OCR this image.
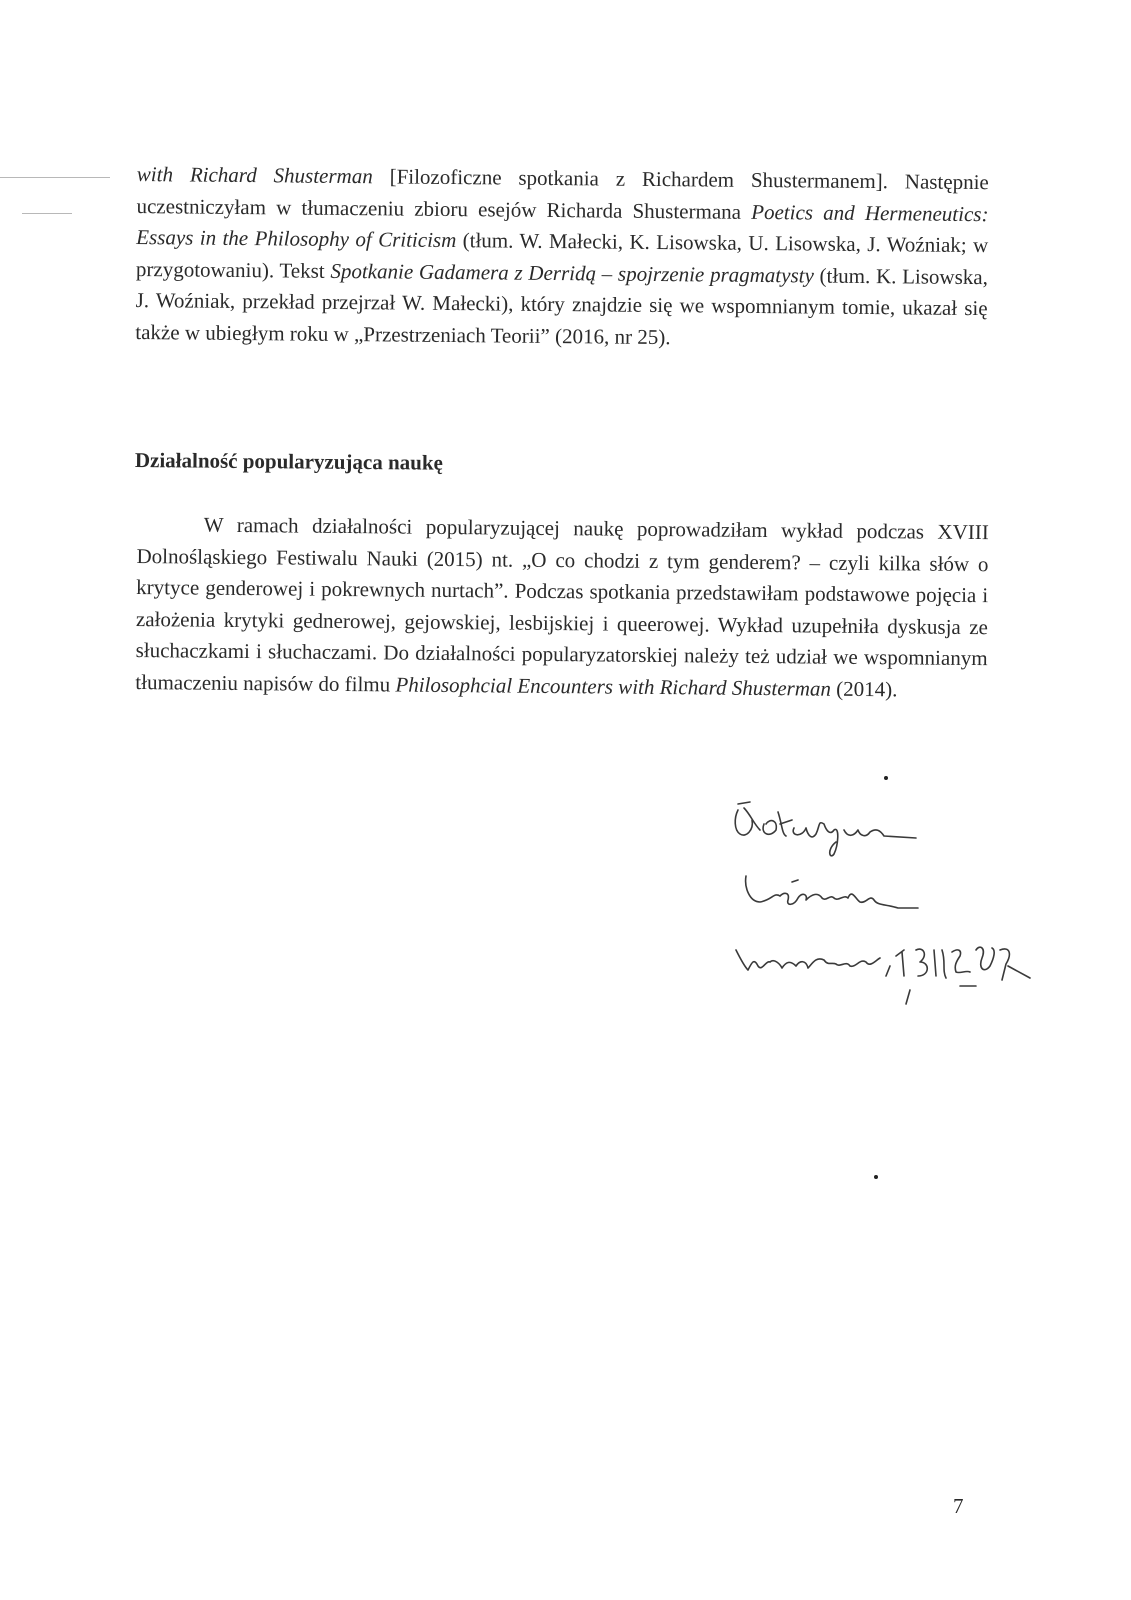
with Richard Shusterman [Filozoficzne spotkania z Richardem Shustermanem]. Następnie uczestniczyłam w tłumaczeniu zbioru esejów Richarda Shustermana Poetics and Hermeneutics: Essays in the Philosophy of Criticism (tłum. W. Małecki, K. Lisowska, U. Lisowska, J. Woźniak; w przygotowaniu). Tekst Spotkanie Gadamera z Derridą – spojrzenie pragmatysty (tłum. K. Lisowska, J. Woźniak, przekład przejrzał W. Małecki), który znajdzie się we wspomnianym tomie, ukazał się także w ubiegłym roku w „Przestrzeniach Teorii” (2016, nr 25).

Działalność popularyzująca naukę

W ramach działalności popularyzującej naukę poprowadziłam wykład podczas XVIII Dolnośląskiego Festiwalu Nauki (2015) nt. „O co chodzi z tym genderem? – czyli kilka słów o krytyce genderowej i pokrewnych nurtach”. Podczas spotkania przedstawiłam podstawowe pojęcia i założenia krytyki gednerowej, gejowskiej, lesbijskiej i queerowej. Wykład uzupełniła dyskusja ze słuchaczkami i słuchaczami. Do działalności popularyzatorskiej należy też udział we wspomnianym tłumaczeniu napisów do filmu Philosophcial Encounters with Richard Shusterman (2014).

7
